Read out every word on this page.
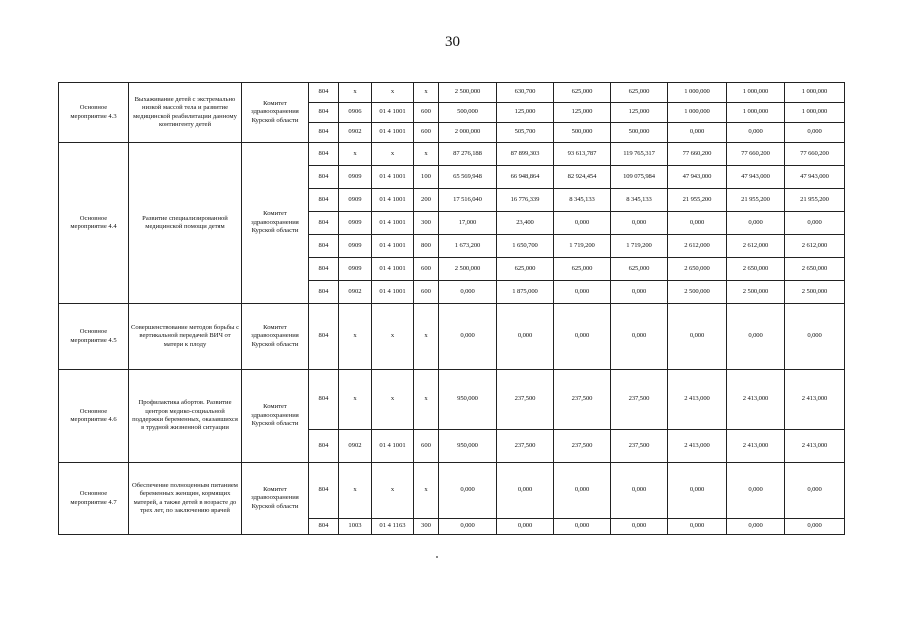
30
Основное мероприятие 4.3	Выхаживание детей с экстремально низкой массой тела и развитие медицинской реабилитации данному контингенту детей	Комитет здравоохранения Курской области	804	х	х	х	2 500,000	630,700	625,000	625,000	1 000,000	1 000,000	1 000,000
			804	0906	01 4 1001	600	500,000	125,000	125,000	125,000	1 000,000	1 000,000	1 000,000
			804	0902	01 4 1001	600	2 000,000	505,700	500,000	500,000	0,000	0,000	0,000
Основное мероприятие 4.4	Развитие специализированной медицинской помощи детям	Комитет здравоохранения Курской области	804	х	х	х	87 276,188	87 899,303	93 613,787	119 765,317	77 660,200	77 660,200	77 660,200
			804	0909	01 4 1001	100	65 569,948	66 948,864	82 924,454	109 075,984	47 943,000	47 943,000	47 943,000
			804	0909	01 4 1001	200	17 516,040	16 776,339	8 345,133	8 345,133	21 955,200	21 955,200	21 955,200
			804	0909	01 4 1001	300	17,000	23,400	0,000	0,000	0,000	0,000	0,000
			804	0909	01 4 1001	800	1 673,200	1 650,700	1 719,200	1 719,200	2 612,000	2 612,000	2 612,000
			804	0909	01 4 1001	600	2 500,000	625,000	625,000	625,000	2 650,000	2 650,000	2 650,000
			804	0902	01 4 1001	600	0,000	1 875,000	0,000	0,000	2 500,000	2 500,000	2 500,000
Основное мероприятие 4.5	Совершенствование методов борьбы с вертикальной передачей ВИЧ от матери к плоду	Комитет здравоохранения Курской области	804	х	х	х	0,000	0,000	0,000	0,000	0,000	0,000	0,000
Основное мероприятие 4.6	Профилактика абортов. Развитие центров медико-социальной поддержки беременных, оказавшихся в трудной жизненной ситуации	Комитет здравоохранения Курской области	804	х	х	х	950,000	237,500	237,500	237,500	2 413,000	2 413,000	2 413,000
			804	0902	01 4 1001	600	950,000	237,500	237,500	237,500	2 413,000	2 413,000	2 413,000
Основное мероприятие 4.7	Обеспечение полноценным питанием беременных женщин, кормящих матерей, а также детей в возрасте до трех лет, по заключению врачей	Комитет здравоохранения Курской области	804	х	х	х	0,000	0,000	0,000	0,000	0,000	0,000	0,000
			804	1003	01 4 1163	300	0,000	0,000	0,000	0,000	0,000	0,000	0,000
